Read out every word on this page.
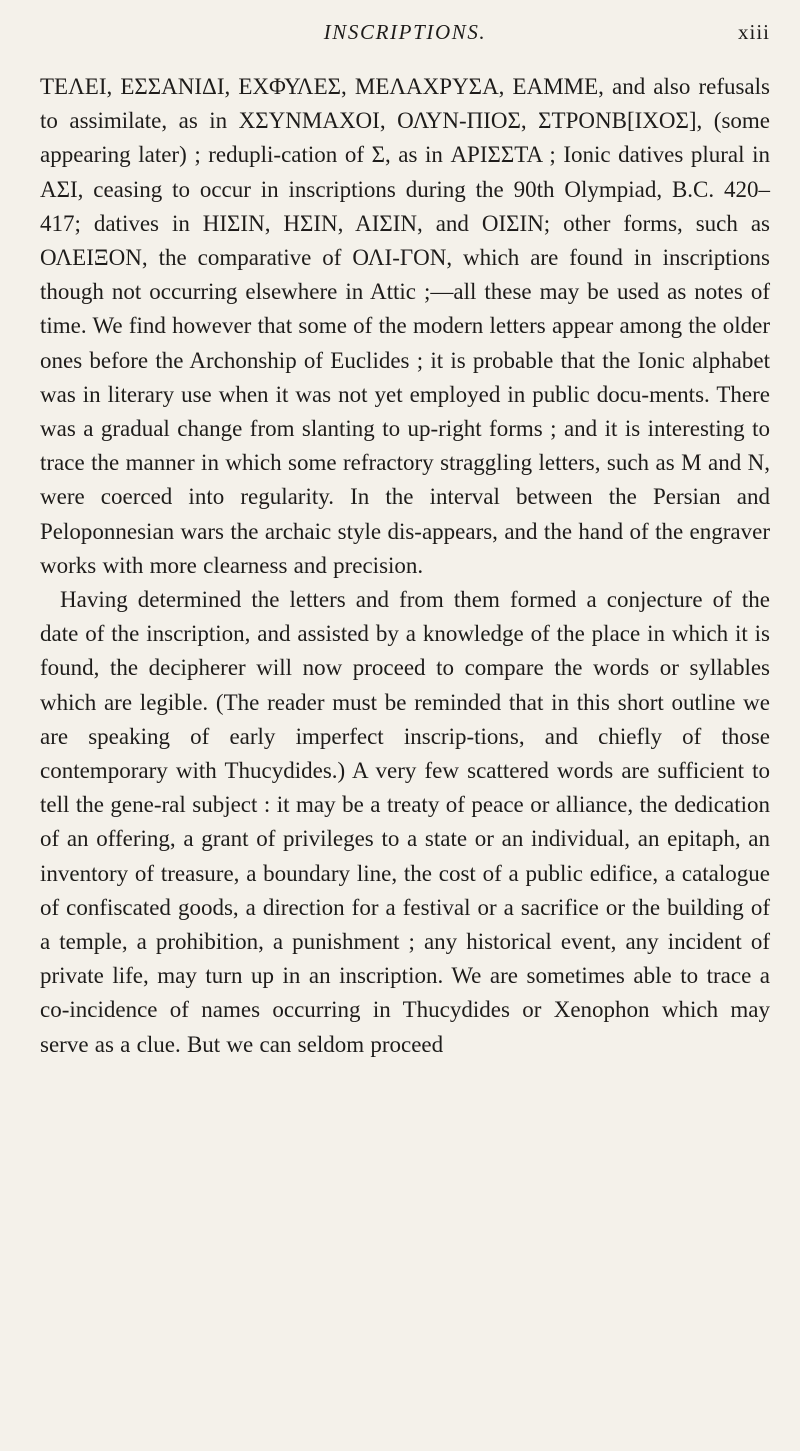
INSCRIPTIONS.	xiii

ΤΕΛΕΙ, ΕΣΣΑΝΙΔΙ, ΕΧΦΥΛΕΣ, ΜΕΛΑΧΡΥΣΑ, ΕΑΜΜΕ, and also refusals to assimilate, as in ΧΣΥΝΜΑΧΟΙ, ΟΛΥΝ-ΠΙΟΣ, ΣΤΡΟΝΒ[ΙΧΟΣ], (some appearing later) ; redupli-cation of Σ, as in ΑΡΙΣΣΤΑ ; Ionic datives plural in ΑΣΙ, ceasing to occur in inscriptions during the 90th Olympiad, B.C. 420–417; datives in ΗΙΣΙΝ, ΗΣΙΝ, ΑΙΣΙΝ, and ΟΙΣΙΝ; other forms, such as ΟΛΕΙΞΟΝ, the comparative of ΟΛΙ-ΓΟΝ, which are found in inscriptions though not occurring elsewhere in Attic ;—all these may be used as notes of time. We find however that some of the modern letters appear among the older ones before the Archonship of Euclides ; it is probable that the Ionic alphabet was in literary use when it was not yet employed in public docu-ments. There was a gradual change from slanting to up-right forms ; and it is interesting to trace the manner in which some refractory straggling letters, such as M and N, were coerced into regularity. In the interval between the Persian and Peloponnesian wars the archaic style dis-appears, and the hand of the engraver works with more clearness and precision.

Having determined the letters and from them formed a conjecture of the date of the inscription, and assisted by a knowledge of the place in which it is found, the decipherer will now proceed to compare the words or syllables which are legible. (The reader must be reminded that in this short outline we are speaking of early imperfect inscrip-tions, and chiefly of those contemporary with Thucydides.) A very few scattered words are sufficient to tell the gene-ral subject : it may be a treaty of peace or alliance, the dedication of an offering, a grant of privileges to a state or an individual, an epitaph, an inventory of treasure, a boundary line, the cost of a public edifice, a catalogue of confiscated goods, a direction for a festival or a sacrifice or the building of a temple, a prohibition, a punishment ; any historical event, any incident of private life, may turn up in an inscription. We are sometimes able to trace a co-incidence of names occurring in Thucydides or Xenophon which may serve as a clue. But we can seldom proceed
